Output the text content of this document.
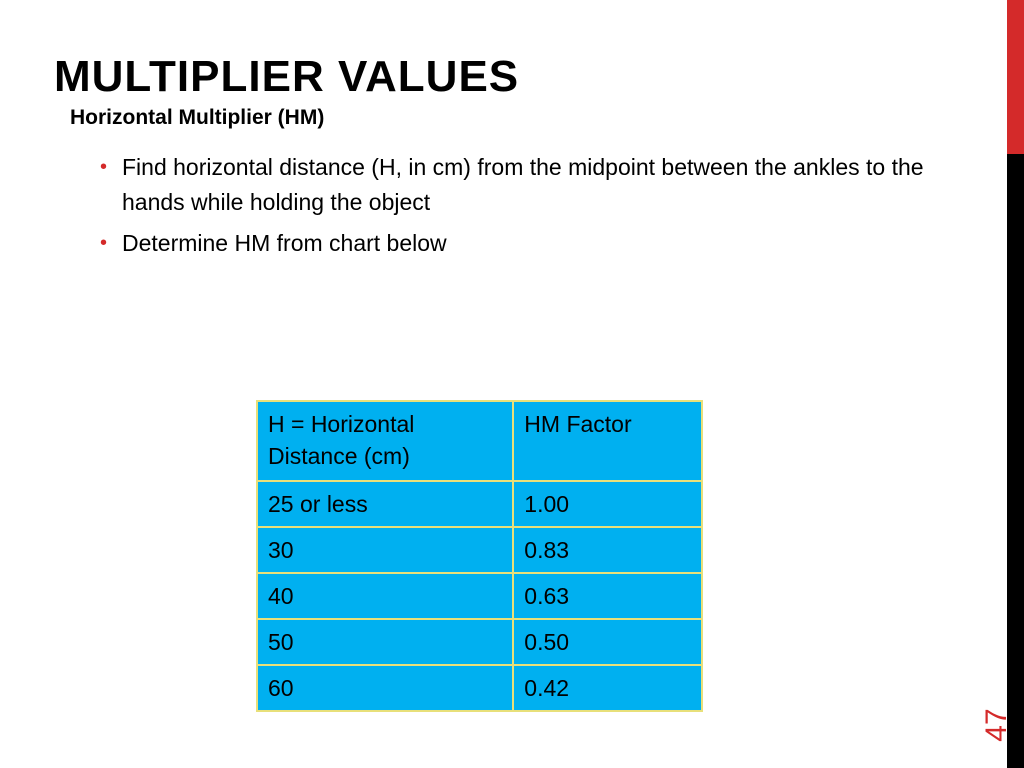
MULTIPLIER VALUES
Horizontal Multiplier (HM)
• Find horizontal distance (H, in cm) from the midpoint between the ankles to the hands while holding the object
• Determine HM from chart below
H = Horizontal Distance (cm)	HM Factor
25 or less	1.00
30	0.83
40	0.63
50	0.50
60	0.42
47
